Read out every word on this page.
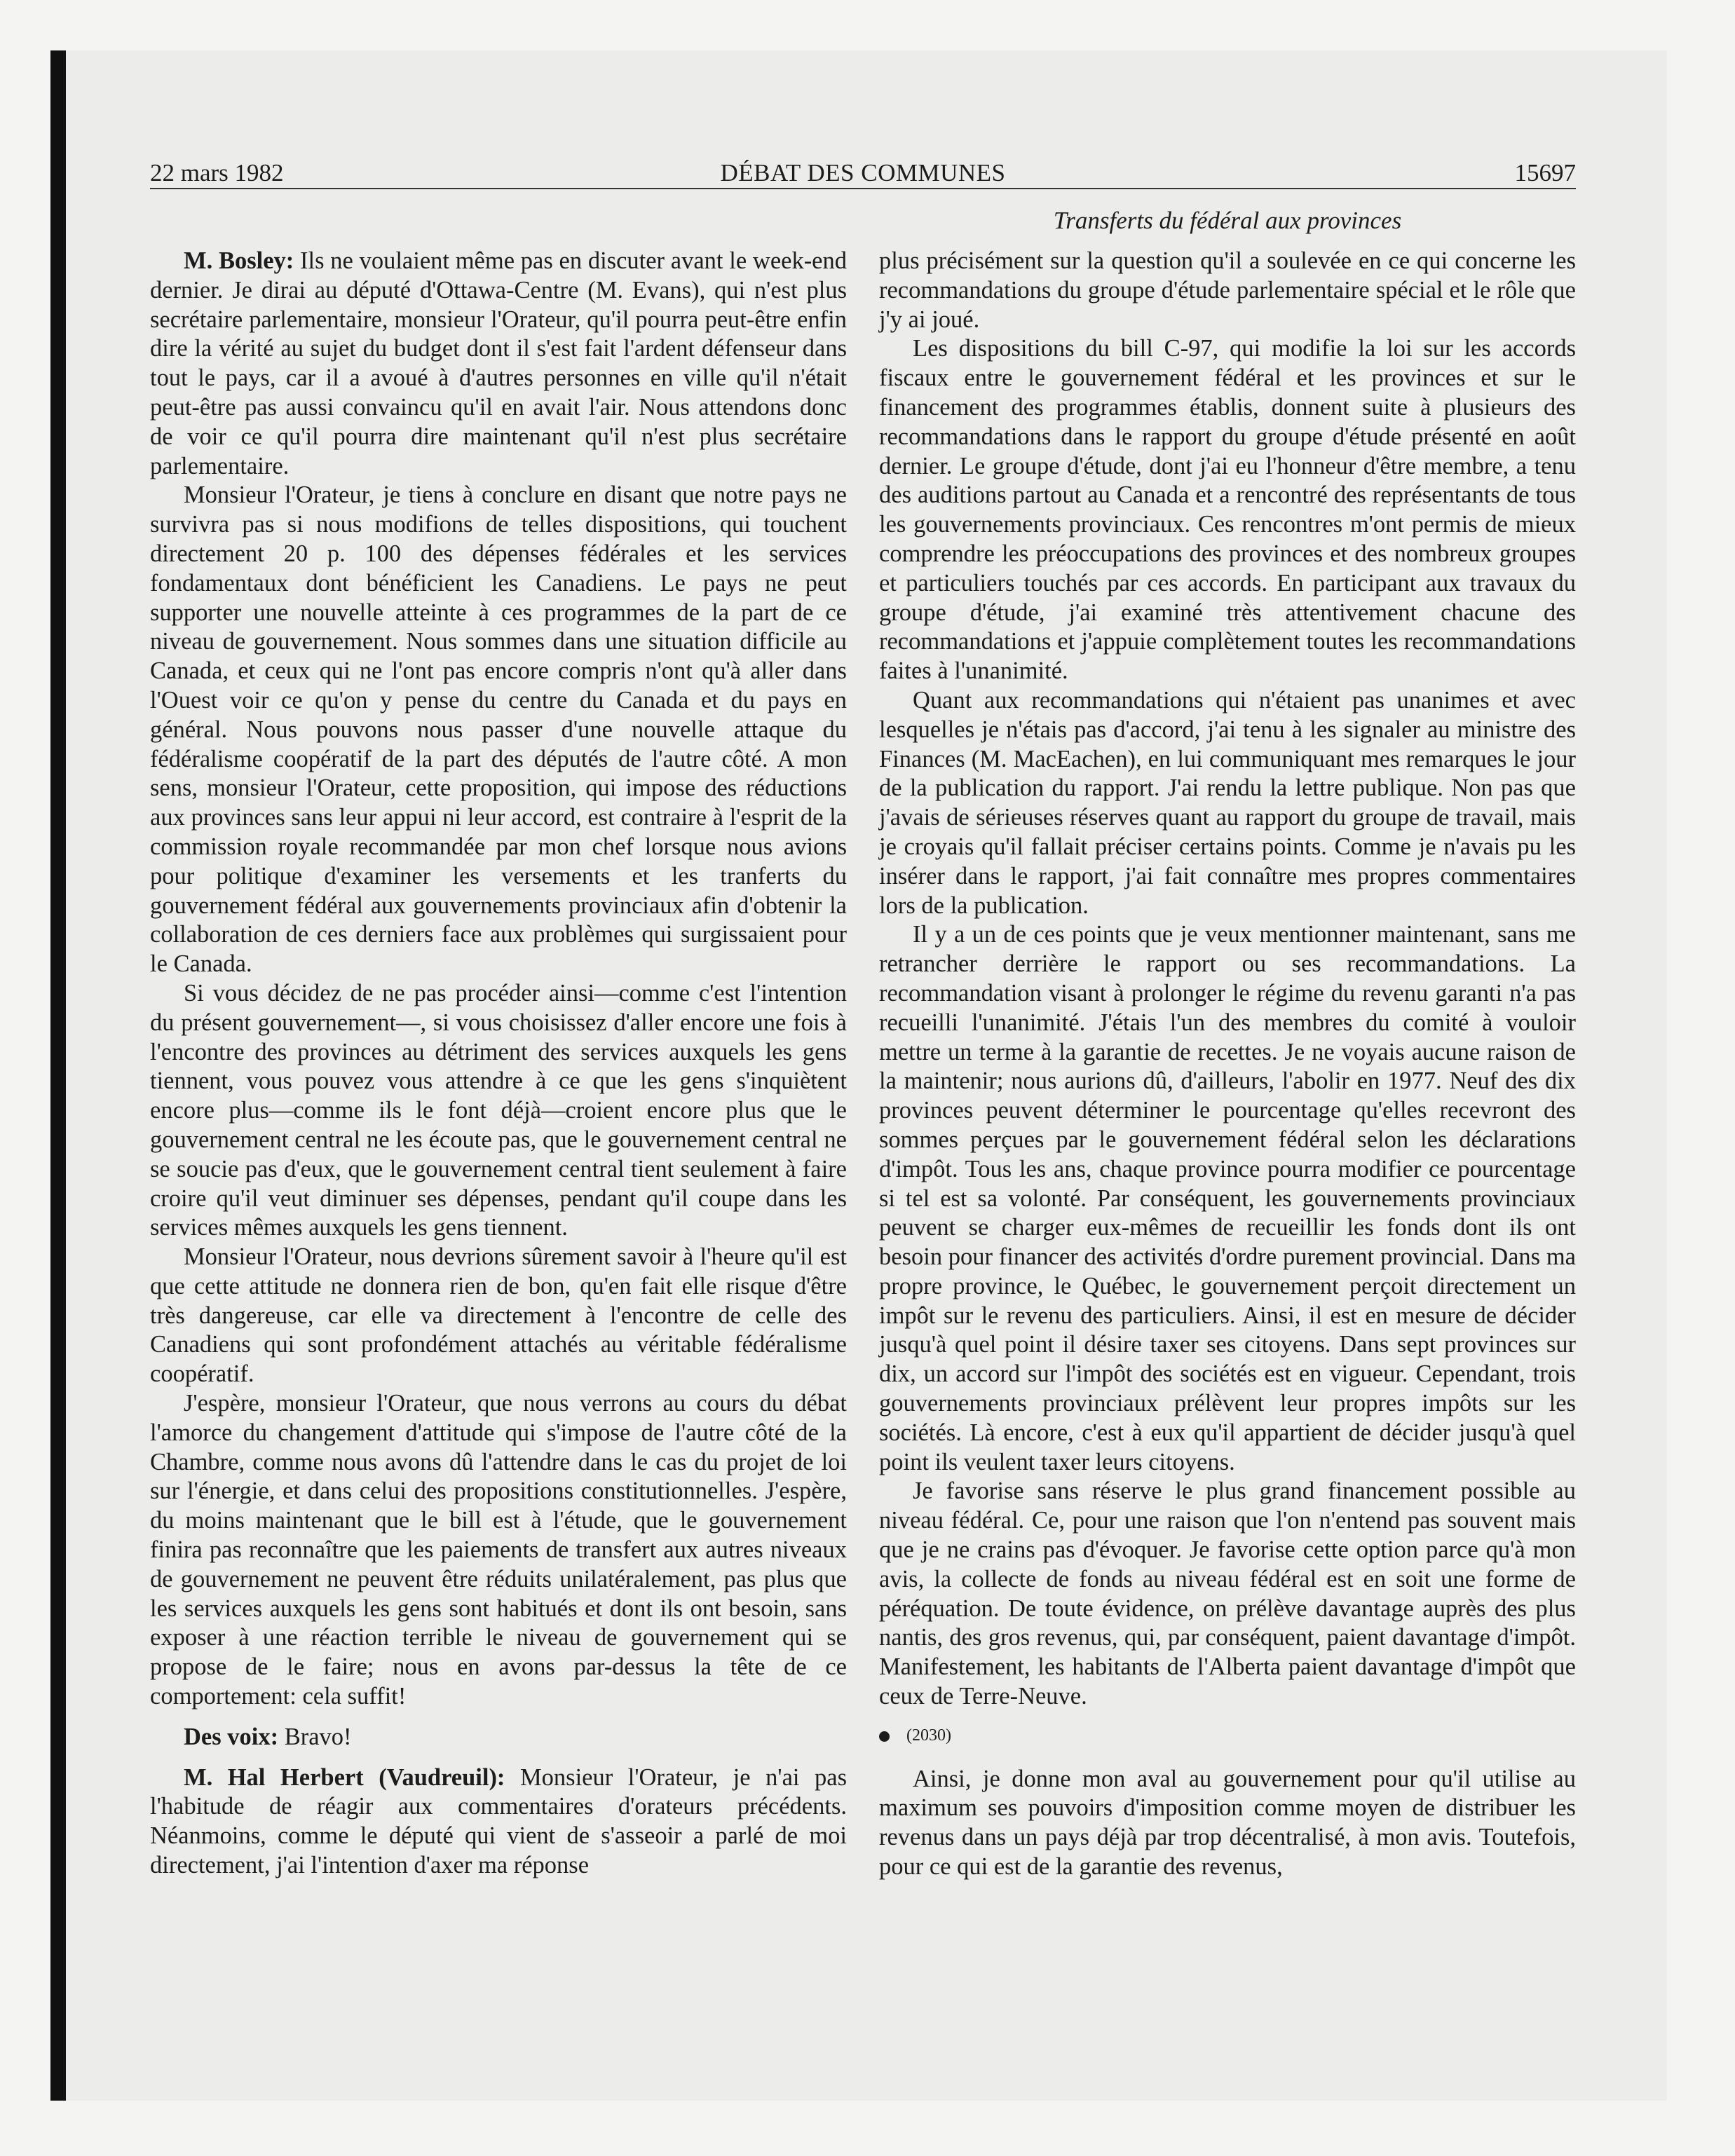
22 mars 1982	DÉBAT DES COMMUNES	15697
Transferts du fédéral aux provinces

M. Bosley: Ils ne voulaient même pas en discuter avant le week-end dernier. Je dirai au député d'Ottawa-Centre (M. Evans), qui n'est plus secrétaire parlementaire, monsieur l'Orateur, qu'il pourra peut-être enfin dire la vérité au sujet du budget dont il s'est fait l'ardent défenseur dans tout le pays, car il a avoué à d'autres personnes en ville qu'il n'était peut-être pas aussi convaincu qu'il en avait l'air. Nous attendons donc de voir ce qu'il pourra dire maintenant qu'il n'est plus secrétaire parlementaire.

Monsieur l'Orateur, je tiens à conclure en disant que notre pays ne survivra pas si nous modifions de telles dispositions, qui touchent directement 20 p. 100 des dépenses fédérales et les services fondamentaux dont bénéficient les Canadiens. Le pays ne peut supporter une nouvelle atteinte à ces programmes de la part de ce niveau de gouvernement. Nous sommes dans une situation difficile au Canada, et ceux qui ne l'ont pas encore compris n'ont qu'à aller dans l'Ouest voir ce qu'on y pense du centre du Canada et du pays en général. Nous pouvons nous passer d'une nouvelle attaque du fédéralisme coopératif de la part des députés de l'autre côté. A mon sens, monsieur l'Orateur, cette proposition, qui impose des réductions aux provinces sans leur appui ni leur accord, est contraire à l'esprit de la commission royale recommandée par mon chef lorsque nous avions pour politique d'examiner les versements et les tranferts du gouvernement fédéral aux gouvernements provinciaux afin d'obtenir la collaboration de ces derniers face aux problèmes qui surgissaient pour le Canada.

Si vous décidez de ne pas procéder ainsi—comme c'est l'intention du présent gouvernement—, si vous choisissez d'aller encore une fois à l'encontre des provinces au détriment des services auxquels les gens tiennent, vous pouvez vous attendre à ce que les gens s'inquiètent encore plus—comme ils le font déjà—croient encore plus que le gouvernement central ne les écoute pas, que le gouvernement central ne se soucie pas d'eux, que le gouvernement central tient seulement à faire croire qu'il veut diminuer ses dépenses, pendant qu'il coupe dans les services mêmes auxquels les gens tiennent.

Monsieur l'Orateur, nous devrions sûrement savoir à l'heure qu'il est que cette attitude ne donnera rien de bon, qu'en fait elle risque d'être très dangereuse, car elle va directement à l'encontre de celle des Canadiens qui sont profondément attachés au véritable fédéralisme coopératif.

J'espère, monsieur l'Orateur, que nous verrons au cours du débat l'amorce du changement d'attitude qui s'impose de l'autre côté de la Chambre, comme nous avons dû l'attendre dans le cas du projet de loi sur l'énergie, et dans celui des propositions constitutionnelles. J'espère, du moins maintenant que le bill est à l'étude, que le gouvernement finira pas reconnaître que les paiements de transfert aux autres niveaux de gouvernement ne peuvent être réduits unilatéralement, pas plus que les services auxquels les gens sont habitués et dont ils ont besoin, sans exposer à une réaction terrible le niveau de gouvernement qui se propose de le faire; nous en avons par-dessus la tête de ce comportement: cela suffit!

Des voix: Bravo!

M. Hal Herbert (Vaudreuil): Monsieur l'Orateur, je n'ai pas l'habitude de réagir aux commentaires d'orateurs précédents. Néanmoins, comme le député qui vient de s'asseoir a parlé de moi directement, j'ai l'intention d'axer ma réponse

plus précisément sur la question qu'il a soulevée en ce qui concerne les recommandations du groupe d'étude parlementaire spécial et le rôle que j'y ai joué.

Les dispositions du bill C-97, qui modifie la loi sur les accords fiscaux entre le gouvernement fédéral et les provinces et sur le financement des programmes établis, donnent suite à plusieurs des recommandations dans le rapport du groupe d'étude présenté en août dernier. Le groupe d'étude, dont j'ai eu l'honneur d'être membre, a tenu des auditions partout au Canada et a rencontré des représentants de tous les gouvernements provinciaux. Ces rencontres m'ont permis de mieux comprendre les préoccupations des provinces et des nombreux groupes et particuliers touchés par ces accords. En participant aux travaux du groupe d'étude, j'ai examiné très attentivement chacune des recommandations et j'appuie complètement toutes les recommandations faites à l'unanimité.

Quant aux recommandations qui n'étaient pas unanimes et avec lesquelles je n'étais pas d'accord, j'ai tenu à les signaler au ministre des Finances (M. MacEachen), en lui communiquant mes remarques le jour de la publication du rapport. J'ai rendu la lettre publique. Non pas que j'avais de sérieuses réserves quant au rapport du groupe de travail, mais je croyais qu'il fallait préciser certains points. Comme je n'avais pu les insérer dans le rapport, j'ai fait connaître mes propres commentaires lors de la publication.

Il y a un de ces points que je veux mentionner maintenant, sans me retrancher derrière le rapport ou ses recommandations. La recommandation visant à prolonger le régime du revenu garanti n'a pas recueilli l'unanimité. J'étais l'un des membres du comité à vouloir mettre un terme à la garantie de recettes. Je ne voyais aucune raison de la maintenir; nous aurions dû, d'ailleurs, l'abolir en 1977. Neuf des dix provinces peuvent déterminer le pourcentage qu'elles recevront des sommes perçues par le gouvernement fédéral selon les déclarations d'impôt. Tous les ans, chaque province pourra modifier ce pourcentage si tel est sa volonté. Par conséquent, les gouvernements provinciaux peuvent se charger eux-mêmes de recueillir les fonds dont ils ont besoin pour financer des activités d'ordre purement provincial. Dans ma propre province, le Québec, le gouvernement perçoit directement un impôt sur le revenu des particuliers. Ainsi, il est en mesure de décider jusqu'à quel point il désire taxer ses citoyens. Dans sept provinces sur dix, un accord sur l'impôt des sociétés est en vigueur. Cependant, trois gouvernements provinciaux prélèvent leur propres impôts sur les sociétés. Là encore, c'est à eux qu'il appartient de décider jusqu'à quel point ils veulent taxer leurs citoyens.

Je favorise sans réserve le plus grand financement possible au niveau fédéral. Ce, pour une raison que l'on n'entend pas souvent mais que je ne crains pas d'évoquer. Je favorise cette option parce qu'à mon avis, la collecte de fonds au niveau fédéral est en soit une forme de péréquation. De toute évidence, on prélève davantage auprès des plus nantis, des gros revenus, qui, par conséquent, paient davantage d'impôt. Manifestement, les habitants de l'Alberta paient davantage d'impôt que ceux de Terre-Neuve.

(2030)

Ainsi, je donne mon aval au gouvernement pour qu'il utilise au maximum ses pouvoirs d'imposition comme moyen de distribuer les revenus dans un pays déjà par trop décentralisé, à mon avis. Toutefois, pour ce qui est de la garantie des revenus,
